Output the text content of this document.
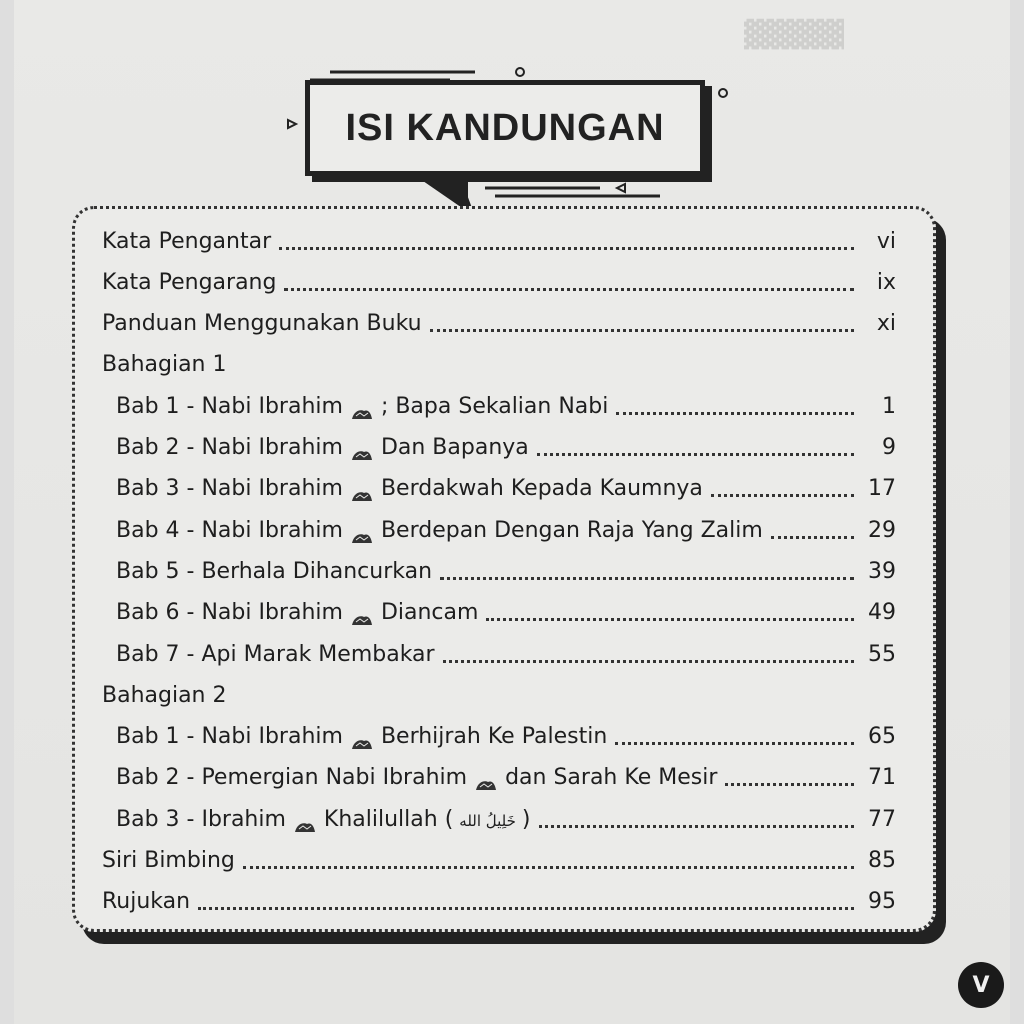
▓▓▓▓▓
ISI KANDUNGAN
Kata Pengantar	vi
Kata Pengarang	ix
Panduan Menggunakan Buku	xi
Bahagian 1
Bab 1 - Nabi Ibrahim ; Bapa Sekalian Nabi	1
Bab 2 - Nabi Ibrahim Dan Bapanya	9
Bab 3 - Nabi Ibrahim Berdakwah Kepada Kaumnya	17
Bab 4 - Nabi Ibrahim Berdepan Dengan Raja Yang Zalim	29
Bab 5 - Berhala Dihancurkan	39
Bab 6 - Nabi Ibrahim Diancam	49
Bab 7 - Api Marak Membakar	55
Bahagian 2
Bab 1 - Nabi Ibrahim Berhijrah Ke Palestin	65
Bab 2 - Pemergian Nabi Ibrahim dan Sarah Ke Mesir	71
Bab 3 - Ibrahim Khalilullah ( خَلِيلُ الله )	77
Siri Bimbing	85
Rujukan	95
V
